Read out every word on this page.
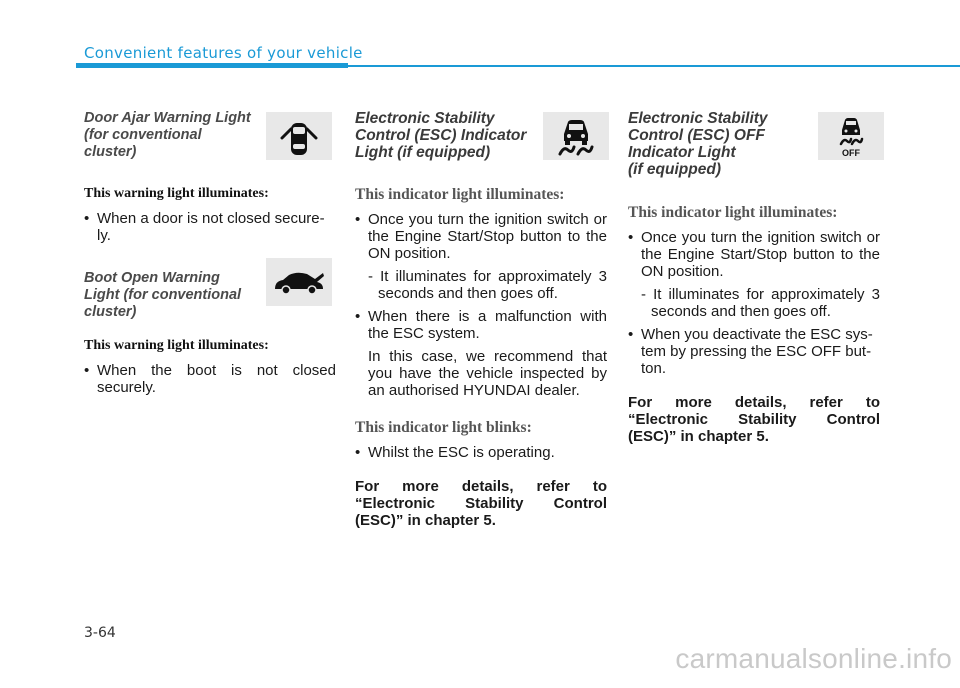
Convenient features of your vehicle

Door Ajar Warning Light
(for conventional
cluster)

This warning light illuminates:

• When a door is not closed secure-
ly.

Boot Open Warning
Light (for conventional
cluster)

This warning light illuminates:

• When the boot is not closed
securely.

Electronic Stability
Control (ESC) Indicator
Light (if equipped)

This indicator light illuminates:

• Once you turn the ignition switch or the Engine Start/Stop button to the ON position.
- It illuminates for approximately 3 seconds and then goes off.
• When there is a malfunction with the ESC system.
In this case, we recommend that you have the vehicle inspected by an authorised HYUNDAI dealer.

This indicator light blinks:

• Whilst the ESC is operating.

For more details, refer to “Electronic Stability Control (ESC)” in chapter 5.

Electronic Stability
Control (ESC) OFF
Indicator Light
(if equipped)

OFF

This indicator light illuminates:

• Once you turn the ignition switch or the Engine Start/Stop button to the ON position.
- It illuminates for approximately 3 seconds and then goes off.
• When you deactivate the ESC sys-
tem by pressing the ESC OFF but-
ton.

For more details, refer to “Electronic Stability Control (ESC)” in chapter 5.

3-64
carmanualsonline.info
